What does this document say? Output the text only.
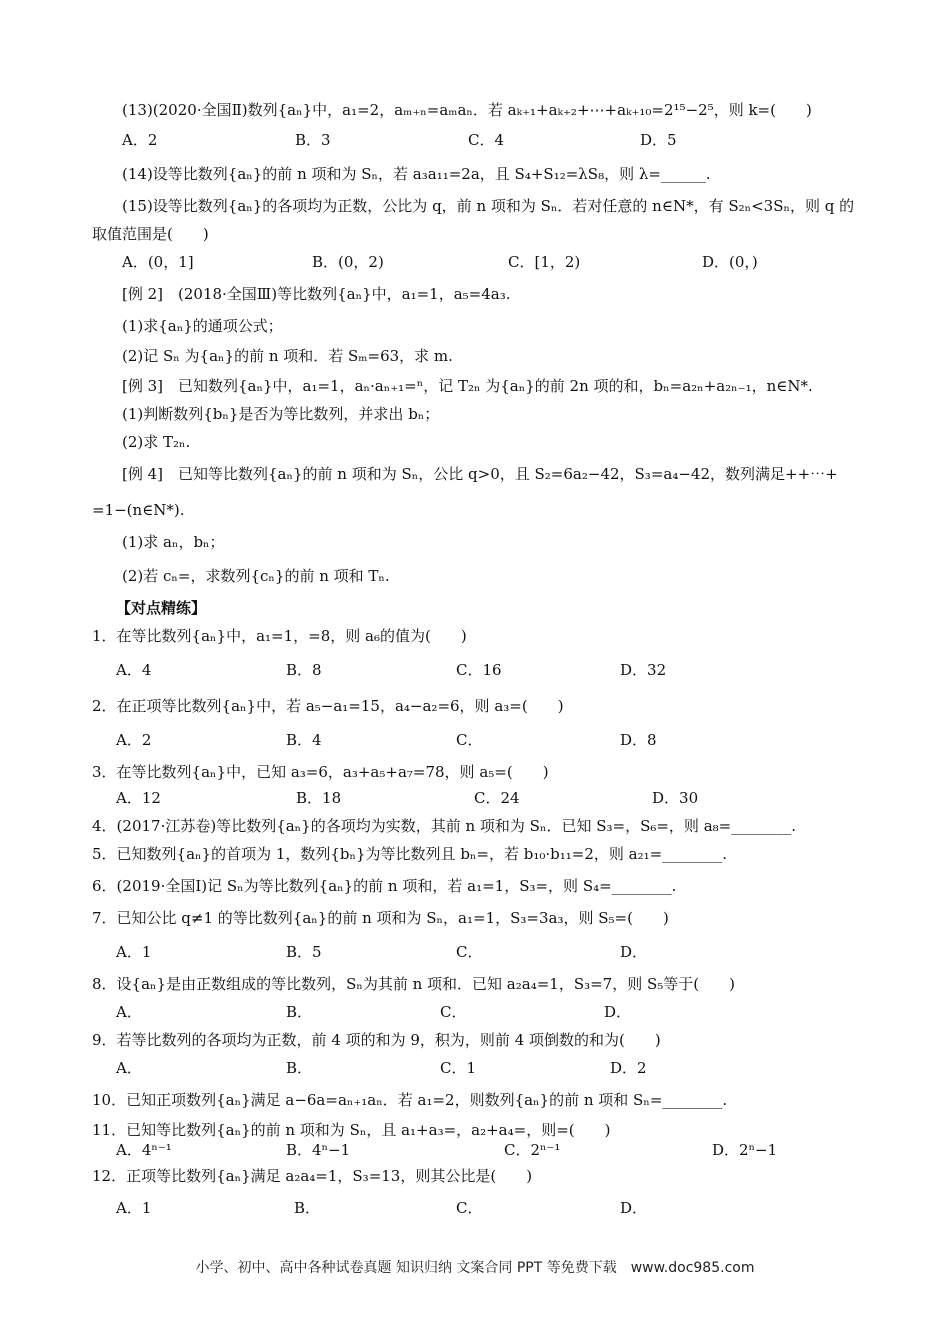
(13)(2020·全国Ⅱ)数列{aₙ}中，a₁=2，aₘ₊ₙ=aₘaₙ．若 aₖ₊₁+aₖ₊₂+⋯+aₖ₊₁₀=2¹⁵−2⁵，则 k=(　　)
A．2	B．3	C．4	D．5
(14)设等比数列{aₙ}的前 n 项和为 Sₙ，若 a₃a₁₁=2a，且 S₄+S₁₂=λS₈，则 λ=______.
(15)设等比数列{aₙ}的各项均为正数，公比为 q，前 n 项和为 Sₙ．若对任意的 n∈N*，有 S₂ₙ<3Sₙ，则 q 的
取值范围是(　　)
A．(0，1]	B．(0，2)	C．[1，2)	D．(0，)
[例 2]　(2018·全国Ⅲ)等比数列{aₙ}中，a₁=1，a₅=4a₃.
(1)求{aₙ}的通项公式；
(2)记 Sₙ 为{aₙ}的前 n 项和．若 Sₘ=63，求 m.
[例 3]　已知数列{aₙ}中，a₁=1，aₙ·aₙ₊₁=ⁿ，记 T₂ₙ 为{aₙ}的前 2n 项的和，bₙ=a₂ₙ+a₂ₙ₋₁，n∈N*.
(1)判断数列{bₙ}是否为等比数列，并求出 bₙ；
(2)求 T₂ₙ.
[例 4]　已知等比数列{aₙ}的前 n 项和为 Sₙ，公比 q>0，且 S₂=6a₂−42，S₃=a₄−42，数列满足++⋯+
=1−(n∈N*).
(1)求 aₙ，bₙ；
(2)若 cₙ=，求数列{cₙ}的前 n 项和 Tₙ.
【对点精练】
1．在等比数列{aₙ}中，a₁=1，=8，则 a₆的值为(　　)
A．4	B．8	C．16	D．32
2．在正项等比数列{aₙ}中，若 a₅−a₁=15，a₄−a₂=6，则 a₃=(　　)
A．2	B．4	C．	D．8
3．在等比数列{aₙ}中，已知 a₃=6，a₃+a₅+a₇=78，则 a₅=(　　)
A．12	B．18	C．24	D．30
4．(2017·江苏卷)等比数列{aₙ}的各项均为实数，其前 n 项和为 Sₙ．已知 S₃=，S₆=，则 a₈=________.
5．已知数列{aₙ}的首项为 1，数列{bₙ}为等比数列且 bₙ=，若 b₁₀·b₁₁=2，则 a₂₁=________.
6．(2019·全国Ⅰ)记 Sₙ为等比数列{aₙ}的前 n 项和，若 a₁=1，S₃=，则 S₄=________.
7．已知公比 q≠1 的等比数列{aₙ}的前 n 项和为 Sₙ，a₁=1，S₃=3a₃，则 S₅=(　　)
A．1	B．5	C．	D．
8．设{aₙ}是由正数组成的等比数列，Sₙ为其前 n 项和．已知 a₂a₄=1，S₃=7，则 S₅等于(　　)
A．	B．	C．	D．
9．若等比数列的各项均为正数，前 4 项的和为 9，积为，则前 4 项倒数的和为(　　)
A．	B．	C．1	D．2
10．已知正项数列{aₙ}满足 a−6a=aₙ₊₁aₙ．若 a₁=2，则数列{aₙ}的前 n 项和 Sₙ=________.
11．已知等比数列{aₙ}的前 n 项和为 Sₙ，且 a₁+a₃=，a₂+a₄=，则=(　　)
A．4ⁿ⁻¹	B．4ⁿ−1	C．2ⁿ⁻¹	D．2ⁿ−1
12．正项等比数列{aₙ}满足 a₂a₄=1，S₃=13，则其公比是(　　)
A．1	B．	C．	D．
小学、初中、高中各种试卷真题 知识归纳 文案合同 PPT 等免费下载　www.doc985.com
